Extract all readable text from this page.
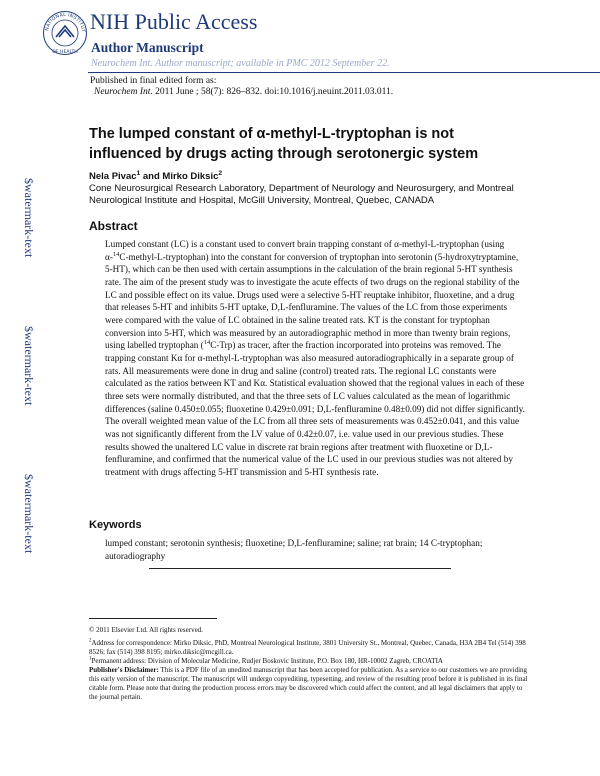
NATIONAL INSTITUT
OF HEALTH
NIH Public Access
Author Manuscript
Neurochem Int. Author manuscript; available in PMC 2012 September 22.
Published in final edited form as:
Neurochem Int. 2011 June ; 58(7): 826–832. doi:10.1016/j.neuint.2011.03.011.
$watermark-text
$watermark-text
$watermark-text
The lumped constant of α-methyl-L-tryptophan is not influenced by drugs acting through serotonergic system
Nela Pivac$^1$ and Mirko Diksic$^2$
Cone Neurosurgical Research Laboratory, Department of Neurology and Neurosurgery, and Montreal Neurological Institute and Hospital, McGill University, Montreal, Quebec, CANADA
Abstract
Lumped constant (LC) is a constant used to convert brain trapping constant of α-methyl-L-tryptophan (using α-$^{14}$C-methyl-L-tryptophan) into the constant for conversion of tryptophan into serotonin (5-hydroxytryptamine, 5-HT), which can be then used with certain assumptions in the calculation of the brain regional 5-HT synthesis rate. The aim of the present study was to investigate the acute effects of two drugs on the regional stability of the LC and possible effect on its value. Drugs used were a selective 5-HT reuptake inhibitor, fluoxetine, and a drug that releases 5-HT and inhibits 5-HT uptake, D,L-fenfluramine. The values of the LC from those experiments were compared with the value of LC obtained in the saline treated rats. KT is the constant for tryptophan conversion into 5-HT, which was measured by an autoradiographic method in more than twenty brain regions, using labelled tryptophan ($^{14}$C-Trp) as tracer, after the fraction incorporated into proteins was removed. The trapping constant Kα for α-methyl-L-tryptophan was also measured autoradiographically in a separate group of rats. All measurements were done in drug and saline (control) treated rats. The regional LC constants were calculated as the ratios between KT and Kα. Statistical evaluation showed that the regional values in each of these three sets were normally distributed, and that the three sets of LC values calculated as the mean of logarithmic differences (saline 0.450±0.055; fluoxetine 0.429±0.091; D,L-fenfluramine 0.48±0.09) did not differ significantly. The overall weighted mean value of the LC from all three sets of measurements was 0.452±0.041, and this value was not significantly different from the LV value of 0.42±0.07, i.e. value used in our previous studies. These results showed the unaltered LC value in discrete rat brain regions after treatment with fluoxetine or D,L-fenfluramine, and confirmed that the numerical value of the LC used in our previous studies was not altered by treatment with drugs affecting 5-HT transmission and 5-HT synthesis rate.
Keywords
lumped constant; serotonin synthesis; fluoxetine; D,L-fenfluramine; saline; rat brain; 14 C-tryptophan; autoradiography

© 2011 Elsevier Ltd. All rights reserved.

$^2$Address for correspondence: Mirko Diksic, PhD, Montreal Neurological Institute, 3801 University St., Montreal, Quebec, Canada, H3A 2B4 Tel (514) 398 8526; fax (514) 398 8195; mirko.diksic@mcgill.ca.

$^1$Permanent address: Division of Molecular Medicine, Rudjer Boskovic Institute, P.O. Box 180, HR-10002 Zagreb, CROATIA

Publisher's Disclaimer: This is a PDF file of an unedited manuscript that has been accepted for publication. As a service to our customers we are providing this early version of the manuscript. The manuscript will undergo copyediting, typesetting, and review of the resulting proof before it is published in its final citable form. Please note that during the production process errors may be discovered which could affect the content, and all legal disclaimers that apply to the journal pertain.
